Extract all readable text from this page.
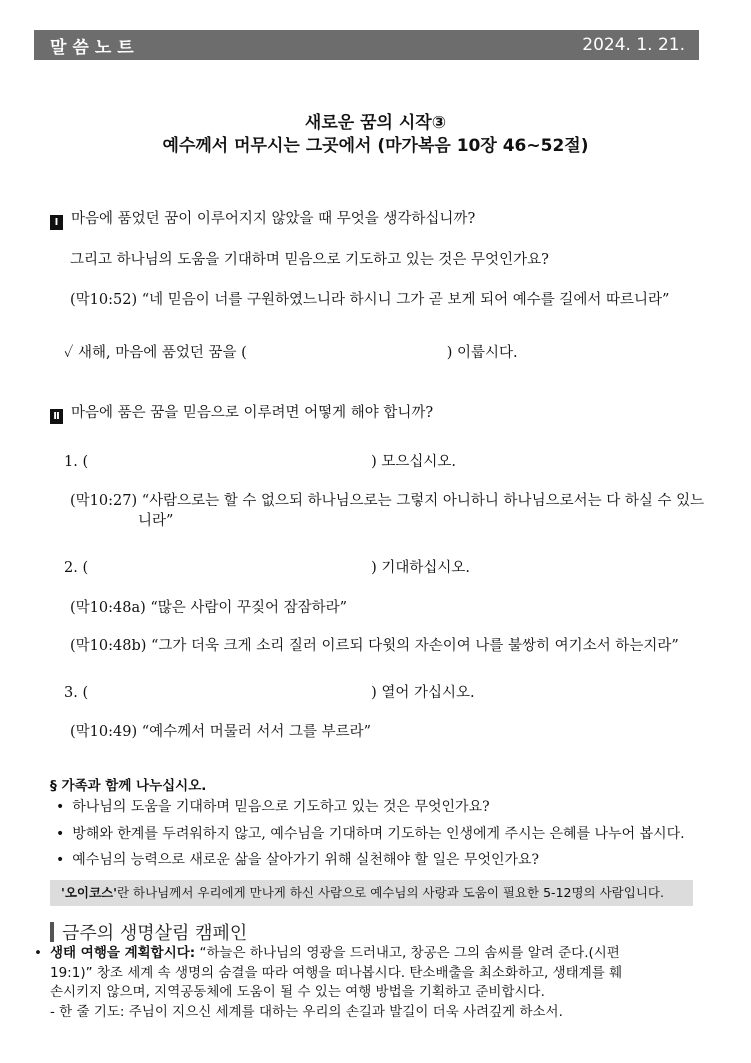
말씀노트	2024. 1. 21.
새로운 꿈의 시작③
예수께서 머무시는 그곳에서 (마가복음 10장 46~52절)
Ⅰ 마음에 품었던 꿈이 이루어지지 않았을 때 무엇을 생각하십니까?
그리고 하나님의 도움을 기대하며 믿음으로 기도하고 있는 것은 무엇인가요?
(막10:52) “네 믿음이 너를 구원하였느니라 하시니 그가 곧 보게 되어 예수를 길에서 따르니라”
✓ 새해, 마음에 품었던 꿈을 (	) 이룹시다.
Ⅱ 마음에 품은 꿈을 믿음으로 이루려면 어떻게 해야 합니까?
1. (	) 모으십시오.
(막10:27) “사람으로는 할 수 없으되 하나님으로는 그렇지 아니하니 하나님으로서는 다 하실 수 있느
니라”
2. (	) 기대하십시오.
(막10:48a) “많은 사람이 꾸짖어 잠잠하라”
(막10:48b) “그가 더욱 크게 소리 질러 이르되 다윗의 자손이여 나를 불쌍히 여기소서 하는지라”
3. (	) 열어 가십시오.
(막10:49) “예수께서 머물러 서서 그를 부르라”
§ 가족과 함께 나누십시오.
• 하나님의 도움을 기대하며 믿음으로 기도하고 있는 것은 무엇인가요?
• 방해와 한계를 두려워하지 않고, 예수님을 기대하며 기도하는 인생에게 주시는 은혜를 나누어 봅시다.
• 예수님의 능력으로 새로운 삶을 살아가기 위해 실천해야 할 일은 무엇인가요?
'오이코스'란 하나님께서 우리에게 만나게 하신 사람으로 예수님의 사랑과 도움이 필요한 5-12명의 사람입니다.
금주의 생명살림 캠페인
• 생태 여행을 계획합시다: “하늘은 하나님의 영광을 드러내고, 창공은 그의 솜씨를 알려 준다.(시편
19:1)” 창조 세계 속 생명의 숨결을 따라 여행을 떠나봅시다. 탄소배출을 최소화하고, 생태계를 훼
손시키지 않으며, 지역공동체에 도움이 될 수 있는 여행 방법을 기획하고 준비합시다.
- 한 줄 기도: 주님이 지으신 세계를 대하는 우리의 손길과 발길이 더욱 사려깊게 하소서.
